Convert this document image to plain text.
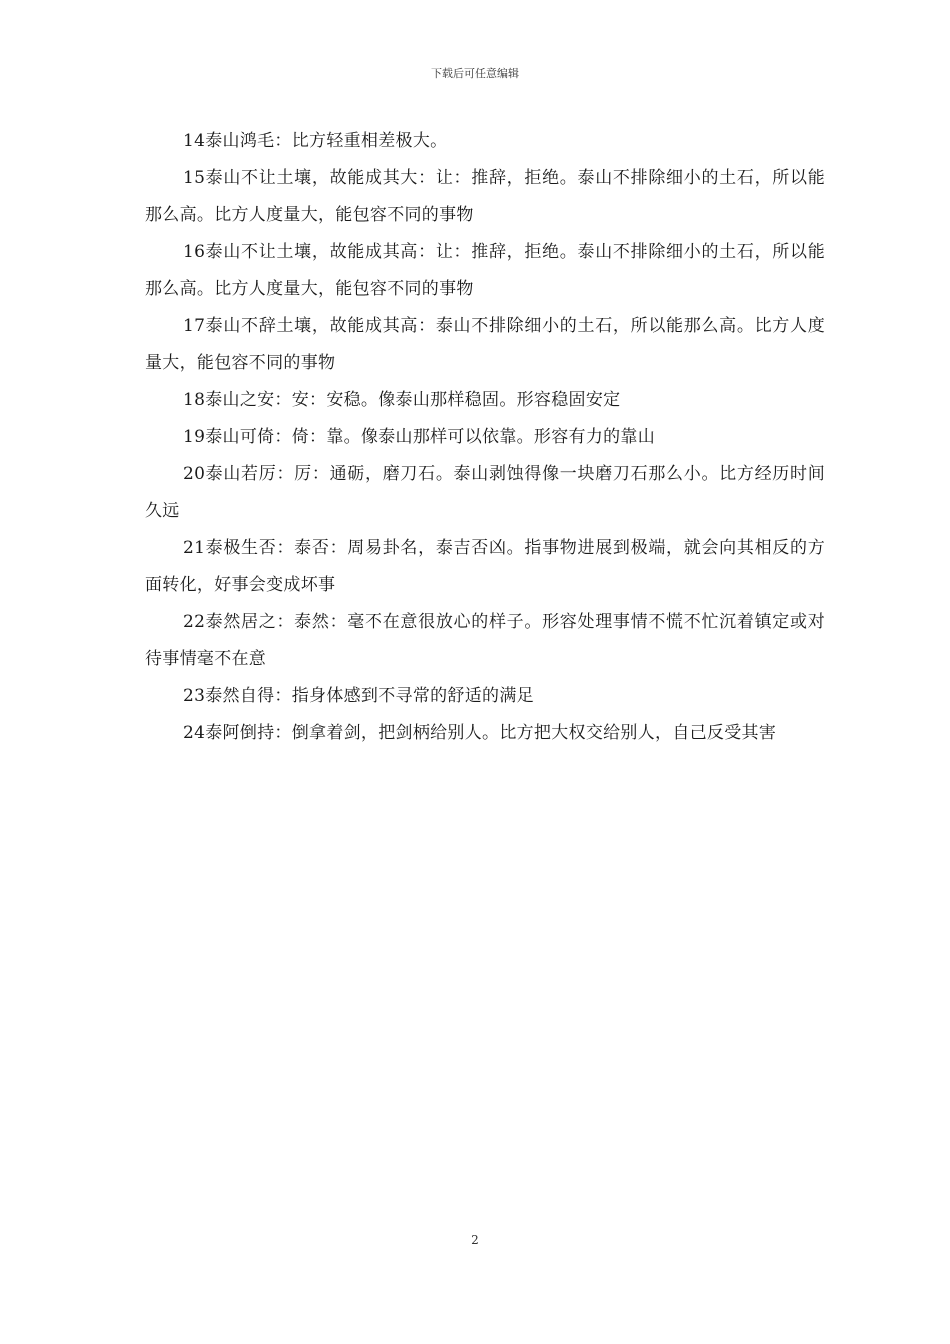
下载后可任意编辑

14泰山鸿毛：比方轻重相差极大。

15泰山不让土壤，故能成其大：让：推辞，拒绝。泰山不排除细小的土石，所以能那么高。比方人度量大，能包容不同的事物

16泰山不让土壤，故能成其高：让：推辞，拒绝。泰山不排除细小的土石，所以能那么高。比方人度量大，能包容不同的事物

17泰山不辞土壤，故能成其高：泰山不排除细小的土石，所以能那么高。比方人度量大，能包容不同的事物

18泰山之安：安：安稳。像泰山那样稳固。形容稳固安定

19泰山可倚：倚：靠。像泰山那样可以依靠。形容有力的靠山

20泰山若厉：厉：通砺，磨刀石。泰山剥蚀得像一块磨刀石那么小。比方经历时间久远

21泰极生否：泰否：周易卦名，泰吉否凶。指事物进展到极端，就会向其相反的方面转化，好事会变成坏事

22泰然居之：泰然：毫不在意很放心的样子。形容处理事情不慌不忙沉着镇定或对待事情毫不在意

23泰然自得：指身体感到不寻常的舒适的满足

24泰阿倒持：倒拿着剑，把剑柄给别人。比方把大权交给别人，自己反受其害

2
